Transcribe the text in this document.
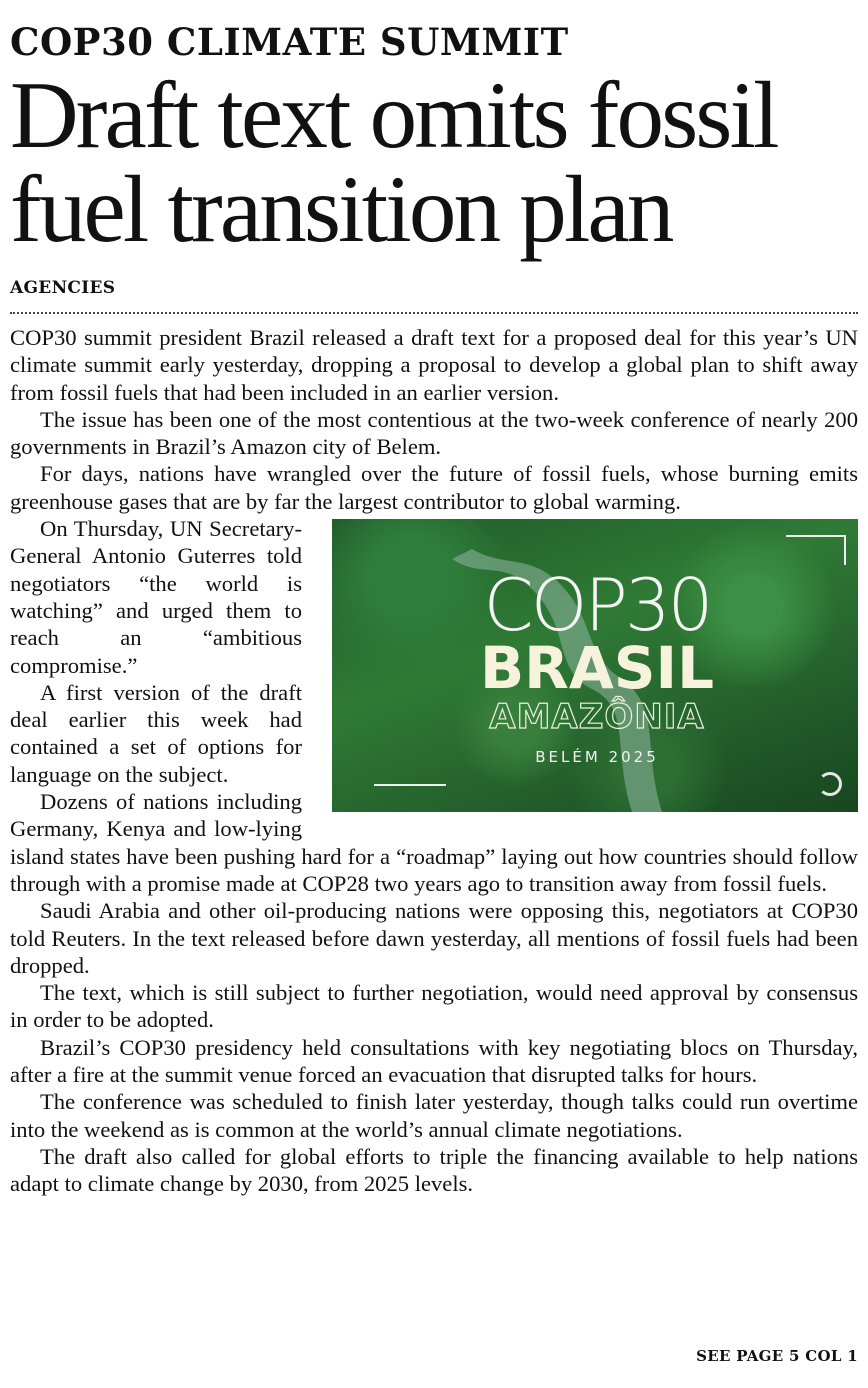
COP30 CLIMATE SUMMIT
Draft text omits fossil
fuel transition plan
AGENCIES

COP30 summit president Brazil released a draft text for a proposed deal for this year’s UN climate summit early yesterday, dropping a proposal to develop a global plan to shift away from fossil fuels that had been included in an earlier version.

The issue has been one of the most contentious at the two-week conference of nearly 200 governments in Brazil’s Amazon city of Belem.

For days, nations have wrangled over the future of fossil fuels, whose burning emits greenhouse gases that are by far the largest contributor to global warming.

COP30
BRASIL
AMAZÔNIA
BELÉM 2025

On Thursday, UN Secretary-General Antonio Guterres told negotiators “the world is watching” and urged them to reach an “ambitious compromise.”

A first version of the draft deal earlier this week had contained a set of options for language on the subject.

Dozens of nations including Germany, Kenya and low-lying island states have been pushing hard for a “roadmap” laying out how countries should follow through with a promise made at COP28 two years ago to transition away from fossil fuels.

Saudi Arabia and other oil-producing nations were opposing this, negotiators at COP30 told Reuters. In the text released before dawn yesterday, all mentions of fossil fuels had been dropped.

The text, which is still subject to further negotiation, would need approval by consensus in order to be adopted.

Brazil’s COP30 presidency held consultations with key negotiating blocs on Thursday, after a fire at the summit venue forced an evacuation that disrupted talks for hours.

The conference was scheduled to finish later yesterday, though talks could run overtime into the weekend as is common at the world’s annual climate negotiations.

The draft also called for global efforts to triple the financing available to help nations adapt to climate change by 2030, from 2025 levels.

SEE PAGE 5 COL 1
